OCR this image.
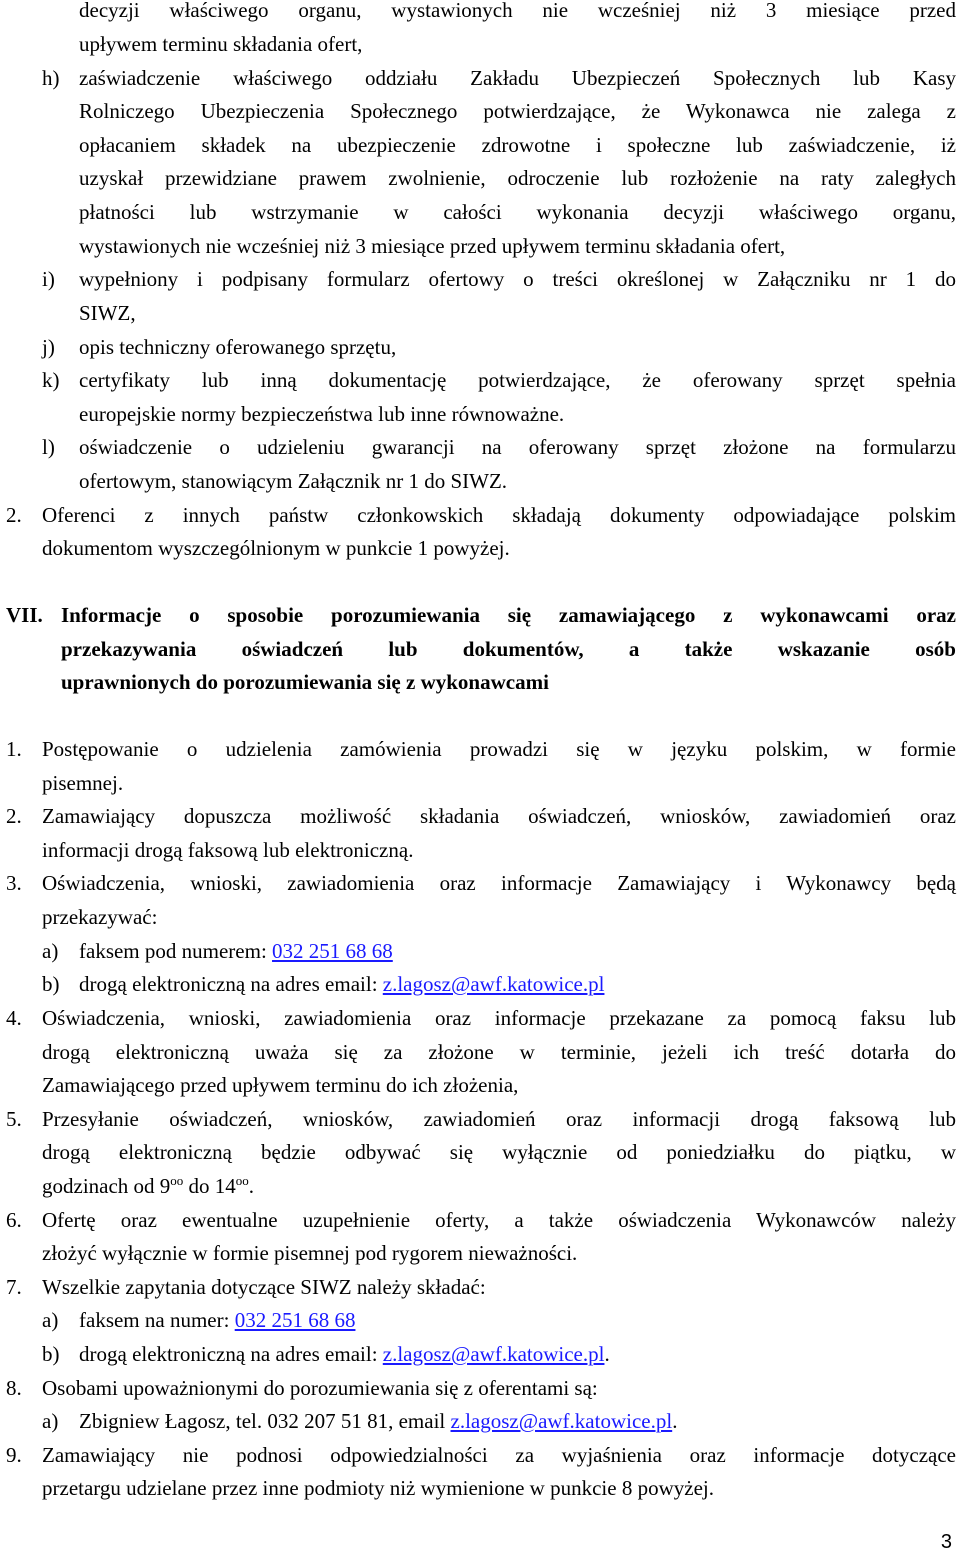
decyzji właściwego organu, wystawionych nie wcześniej niż 3 miesiące przed
upływem terminu składania ofert,
h) zaświadczenie właściwego oddziału Zakładu Ubezpieczeń Społecznych lub Kasy
Rolniczego Ubezpieczenia Społecznego potwierdzające, że Wykonawca nie zalega z
opłacaniem składek na ubezpieczenie zdrowotne i społeczne lub zaświadczenie, iż
uzyskał przewidziane prawem zwolnienie, odroczenie lub rozłożenie na raty zaległych
płatności lub wstrzymanie w całości wykonania decyzji właściwego organu,
wystawionych nie wcześniej niż 3 miesiące przed upływem terminu składania ofert,
i) wypełniony i podpisany formularz ofertowy o treści określonej w Załączniku nr 1 do
SIWZ,
j) opis techniczny oferowanego sprzętu,
k) certyfikaty lub inną dokumentację potwierdzające, że oferowany sprzęt spełnia
europejskie normy bezpieczeństwa lub inne równoważne.
l) oświadczenie o udzieleniu gwarancji na oferowany sprzęt złożone na formularzu
ofertowym, stanowiącym Załącznik nr 1 do SIWZ.
2. Oferenci z innych państw członkowskich składają dokumenty odpowiadające polskim
dokumentom wyszczególnionym w punkcie 1 powyżej.
VII. Informacje o sposobie porozumiewania się zamawiającego z wykonawcami oraz
przekazywania oświadczeń lub dokumentów, a także wskazanie osób
uprawnionych do porozumiewania się z wykonawcami
1. Postępowanie o udzielenia zamówienia prowadzi się w języku polskim, w formie
pisemnej.
2. Zamawiający dopuszcza możliwość składania oświadczeń, wniosków, zawiadomień oraz
informacji drogą faksową lub elektroniczną.
3. Oświadczenia, wnioski, zawiadomienia oraz informacje Zamawiający i Wykonawcy będą
przekazywać:
a) faksem pod numerem: 032 251 68 68
b) drogą elektroniczną na adres email: z.lagosz@awf.katowice.pl
4. Oświadczenia, wnioski, zawiadomienia oraz informacje przekazane za pomocą faksu lub
drogą elektroniczną uważa się za złożone w terminie, jeżeli ich treść dotarła do
Zamawiającego przed upływem terminu do ich złożenia,
5. Przesyłanie oświadczeń, wniosków, zawiadomień oraz informacji drogą faksową lub
drogą elektroniczną będzie odbywać się wyłącznie od poniedziałku do piątku, w
godzinach od $9^{oo}$ do $14^{oo}$.
6. Ofertę oraz ewentualne uzupełnienie oferty, a także oświadczenia Wykonawców należy
złożyć wyłącznie w formie pisemnej pod rygorem nieważności.
7. Wszelkie zapytania dotyczące SIWZ należy składać:
a) faksem na numer: 032 251 68 68
b) drogą elektroniczną na adres email: z.lagosz@awf.katowice.pl.
8. Osobami upoważnionymi do porozumiewania się z oferentami są:
a) Zbigniew Łagosz, tel. 032 207 51 81, email z.lagosz@awf.katowice.pl.
9. Zamawiający nie podnosi odpowiedzialności za wyjaśnienia oraz informacje dotyczące
przetargu udzielane przez inne podmioty niż wymienione w punkcie 8 powyżej.
3
